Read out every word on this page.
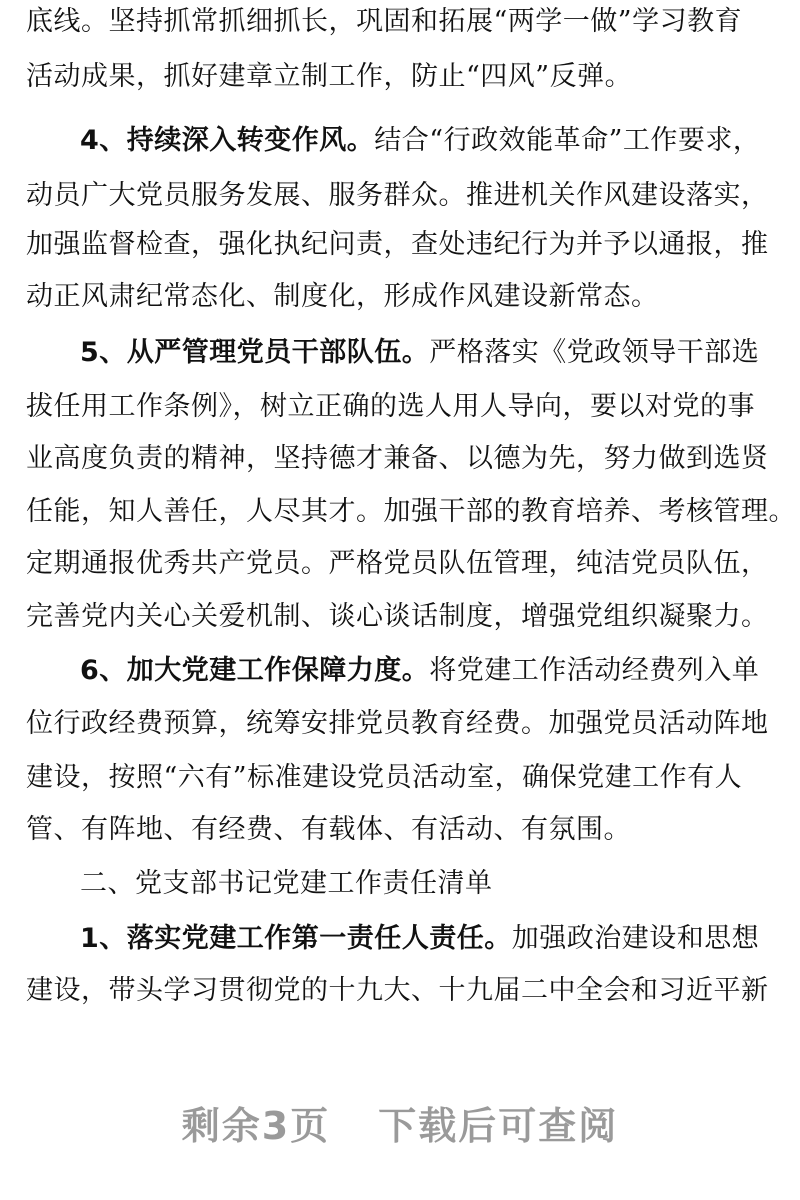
底线。坚持抓常抓细抓长，巩固和拓展“两学一做”学习教育
活动成果，抓好建章立制工作，防止“四风”反弹。
4、持续深入转变作风。结合“行政效能革命”工作要求，
动员广大党员服务发展、服务群众。推进机关作风建设落实，
加强监督检查，强化执纪问责，查处违纪行为并予以通报，推
动正风肃纪常态化、制度化，形成作风建设新常态。
5、从严管理党员干部队伍。严格落实《党政领导干部选
拔任用工作条例》，树立正确的选人用人导向，要以对党的事
业高度负责的精神，坚持德才兼备、以德为先，努力做到选贤
任能，知人善任，人尽其才。加强干部的教育培养、考核管理。
定期通报优秀共产党员。严格党员队伍管理，纯洁党员队伍，
完善党内关心关爱机制、谈心谈话制度，增强党组织凝聚力。
6、加大党建工作保障力度。将党建工作活动经费列入单
位行政经费预算，统筹安排党员教育经费。加强党员活动阵地
建设，按照“六有”标准建设党员活动室，确保党建工作有人
管、有阵地、有经费、有载体、有活动、有氛围。
二、党支部书记党建工作责任清单
1、落实党建工作第一责任人责任。加强政治建设和思想
建设，带头学习贯彻党的十九大、十九届二中全会和习近平新
剩余3页 下载后可查阅
